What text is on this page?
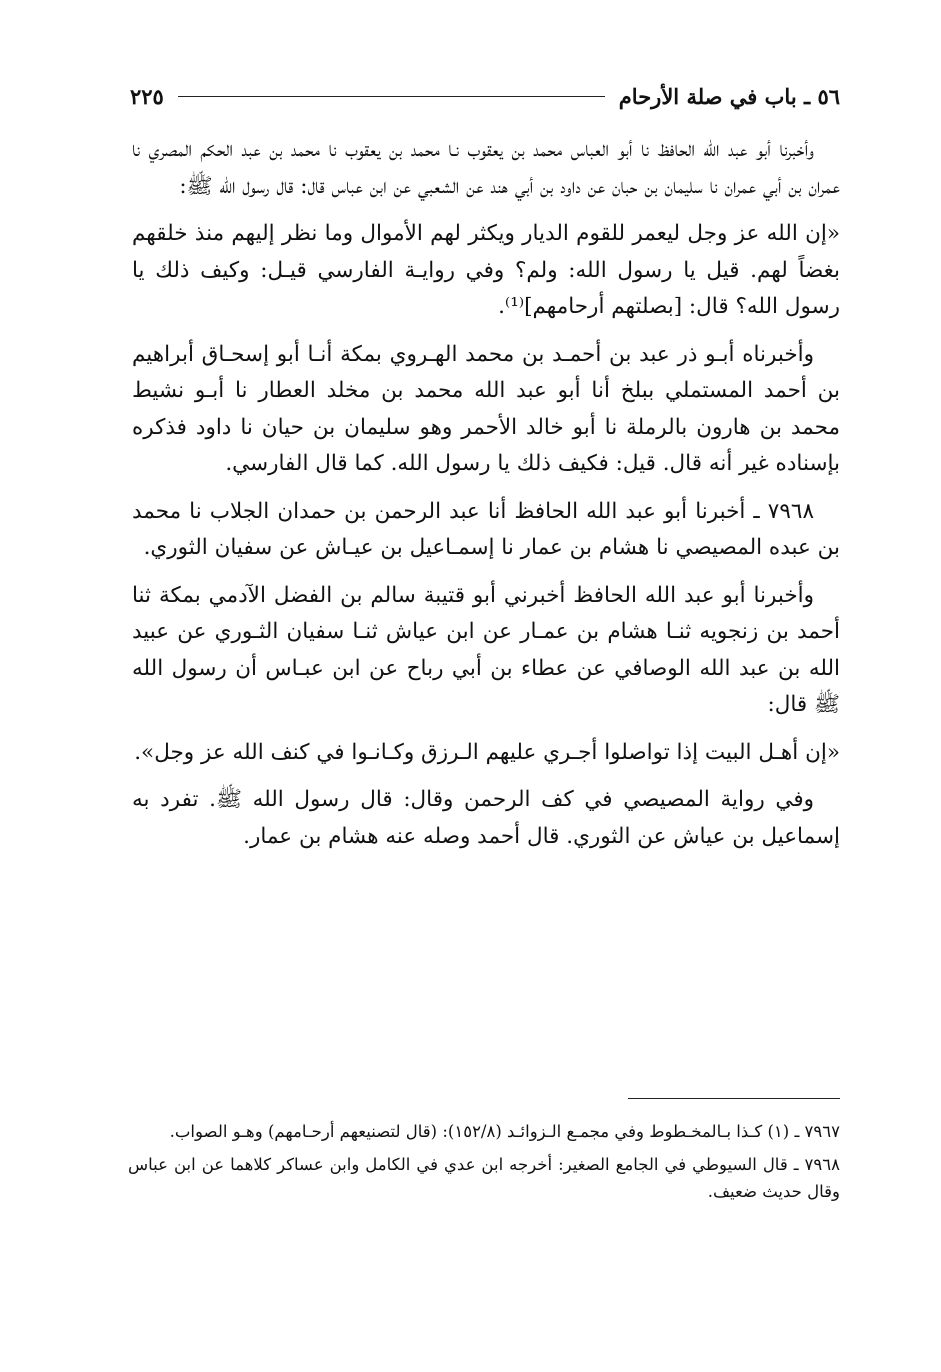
٥٦ ـ باب في صلة الأرحام
٢٢٥

وأخبرنا أبو عبد الله الحافظ نا أبو العباس محمد بن يعقوب نـا محمد بن يعقوب نا محمد بن عبد الحكم المصري نا عمران بن أبي عمران نا سليمان بن حبان عن داود بن أبي هند عن الشعبي عن ابن عباس قال: قال رسول الله ﷺ:

«إن الله عز وجل ليعمر للقوم الديار ويكثر لهم الأموال وما نظر إليهم منذ خلقهم بغضاً لهم. قيل يا رسول الله: ولم؟ وفي روايـة الفارسي قيـل: وكيف ذلك يا رسول الله؟ قال: [بصلتهم أرحامهم]⁽¹⁾.

وأخبرناه أبـو ذر عبد بن أحمـد بن محمد الهـروي بمكة أنـا أبو إسحـاق أبراهيم بن أحمد المستملي ببلخ أنا أبو عبد الله محمد بن مخلد العطار نا أبـو نشيط محمد بن هارون بالرملة نا أبو خالد الأحمر وهو سليمان بن حيان نا داود فذكره بإسناده غير أنه قال. قيل: فكيف ذلك يا رسول الله. كما قال الفارسي.

٧٩٦٨ ـ أخبرنا أبو عبد الله الحافظ أنا عبد الرحمن بن حمدان الجلاب نا محمد بن عبده المصيصي نا هشام بن عمار نا إسمـاعيل بن عيـاش عن سفيان الثوري.

وأخبرنا أبو عبد الله الحافظ أخبرني أبو قتيبة سالم بن الفضل الآدمي بمكة ثنا أحمد بن زنجويه ثنـا هشام بن عمـار عن ابن عياش ثنـا سفيان الثـوري عن عبيد الله بن عبد الله الوصافي عن عطاء بن أبي رباح عن ابن عبـاس أن رسول الله ﷺ قال:

«إن أهـل البيت إذا تواصلوا أجـري عليهم الـرزق وكـانـوا في كنف الله عز وجل».

وفي رواية المصيصي في كف الرحمن وقال: قال رسول الله ﷺ. تفرد به إسماعيل بن عياش عن الثوري. قال أحمد وصله عنه هشام بن عمار.

٧٩٦٧ ـ (١) كـذا بـالمخـطوط وفي مجمـع الـزوائـد (١٥٢/٨): (قال لتصنيعهم أرحـامهم) وهـو الصواب.

٧٩٦٨ ـ قال السيوطي في الجامع الصغير: أخرجه ابن عدي في الكامل وابن عساكر كلاهما عن ابن عباس وقال حديث ضعيف.
